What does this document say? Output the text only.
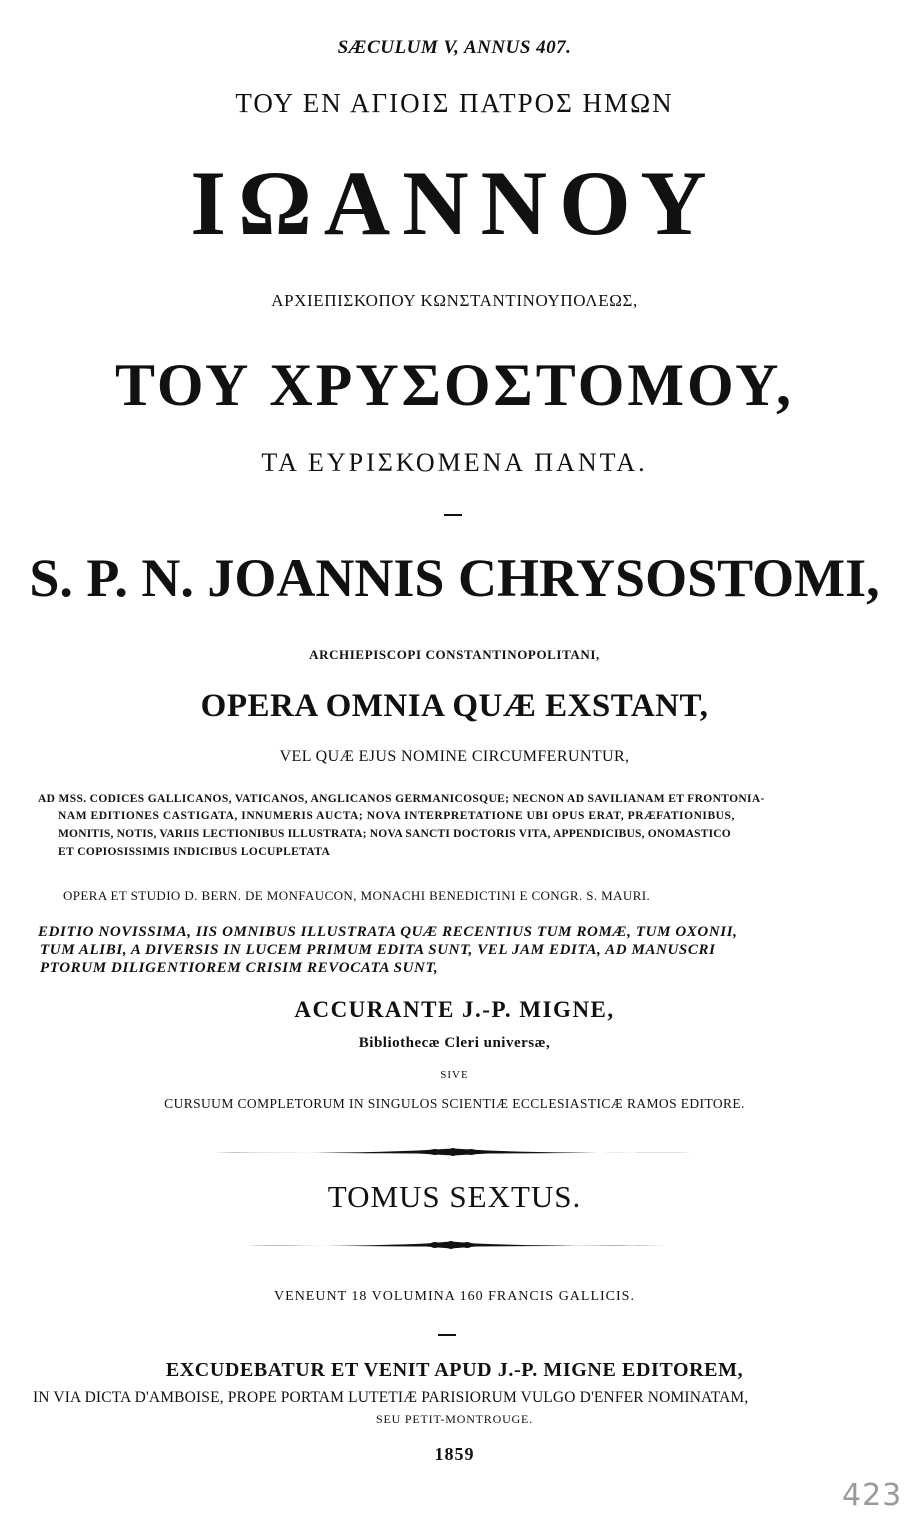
SÆCULUM V, ANNUS 407.
ΤΟΥ ΕΝ ΑΓΙΟΙΣ ΠΑΤΡΟΣ ΗΜΩΝ
ΙΩΑΝΝΟΥ
ΑΡΧΙΕΠΙΣΚΟΠΟΥ ΚΩΝΣΤΑΝΤΙΝΟΥΠΟΛΕΩΣ,
ΤΟΥ ΧΡΥΣΟΣΤΟΜΟΥ,
ΤΑ ΕΥΡΙΣΚΟΜΕΝΑ ΠΑΝΤΑ.
S. P. N. JOANNIS CHRYSOSTOMI,
ARCHIEPISCOPI CONSTANTINOPOLITANI,
OPERA OMNIA QUÆ EXSTANT,
VEL QUÆ EJUS NOMINE CIRCUMFERUNTUR,
AD MSS. CODICES GALLICANOS, VATICANOS, ANGLICANOS GERMANICOSQUE; NECNON AD SAVILIANAM ET FRONTONIA-
NAM EDITIONES CASTIGATA, INNUMERIS AUCTA; NOVA INTERPRETATIONE UBI OPUS ERAT, PRÆFATIONIBUS,
MONITIS, NOTIS, VARIIS LECTIONIBUS ILLUSTRATA; NOVA SANCTI DOCTORIS VITA, APPENDICIBUS, ONOMASTICO
ET COPIOSISSIMIS INDICIBUS LOCUPLETATA
OPERA ET STUDIO D. BERN. DE MONFAUCON, MONACHI BENEDICTINI E CONGR. S. MAURI.
EDITIO NOVISSIMA, IIS OMNIBUS ILLUSTRATA QUÆ RECENTIUS TUM ROMÆ, TUM OXONII,
TUM ALIBI, A DIVERSIS IN LUCEM PRIMUM EDITA SUNT, VEL JAM EDITA, AD MANUSCRI
PTORUM DILIGENTIOREM CRISIM REVOCATA SUNT,
ACCURANTE J.-P. MIGNE,
Bibliothecæ Cleri universæ,
SIVE
CURSUUM COMPLETORUM IN SINGULOS SCIENTIÆ ECCLESIASTICÆ RAMOS EDITORE.
TOMUS SEXTUS.
VENEUNT 18 VOLUMINA 160 FRANCIS GALLICIS.
EXCUDEBATUR ET VENIT APUD J.-P. MIGNE EDITOREM,
IN VIA DICTA D'AMBOISE, PROPE PORTAM LUTETIÆ PARISIORUM VULGO D'ENFER NOMINATAM,
SEU PETIT-MONTROUGE.
1859
423
